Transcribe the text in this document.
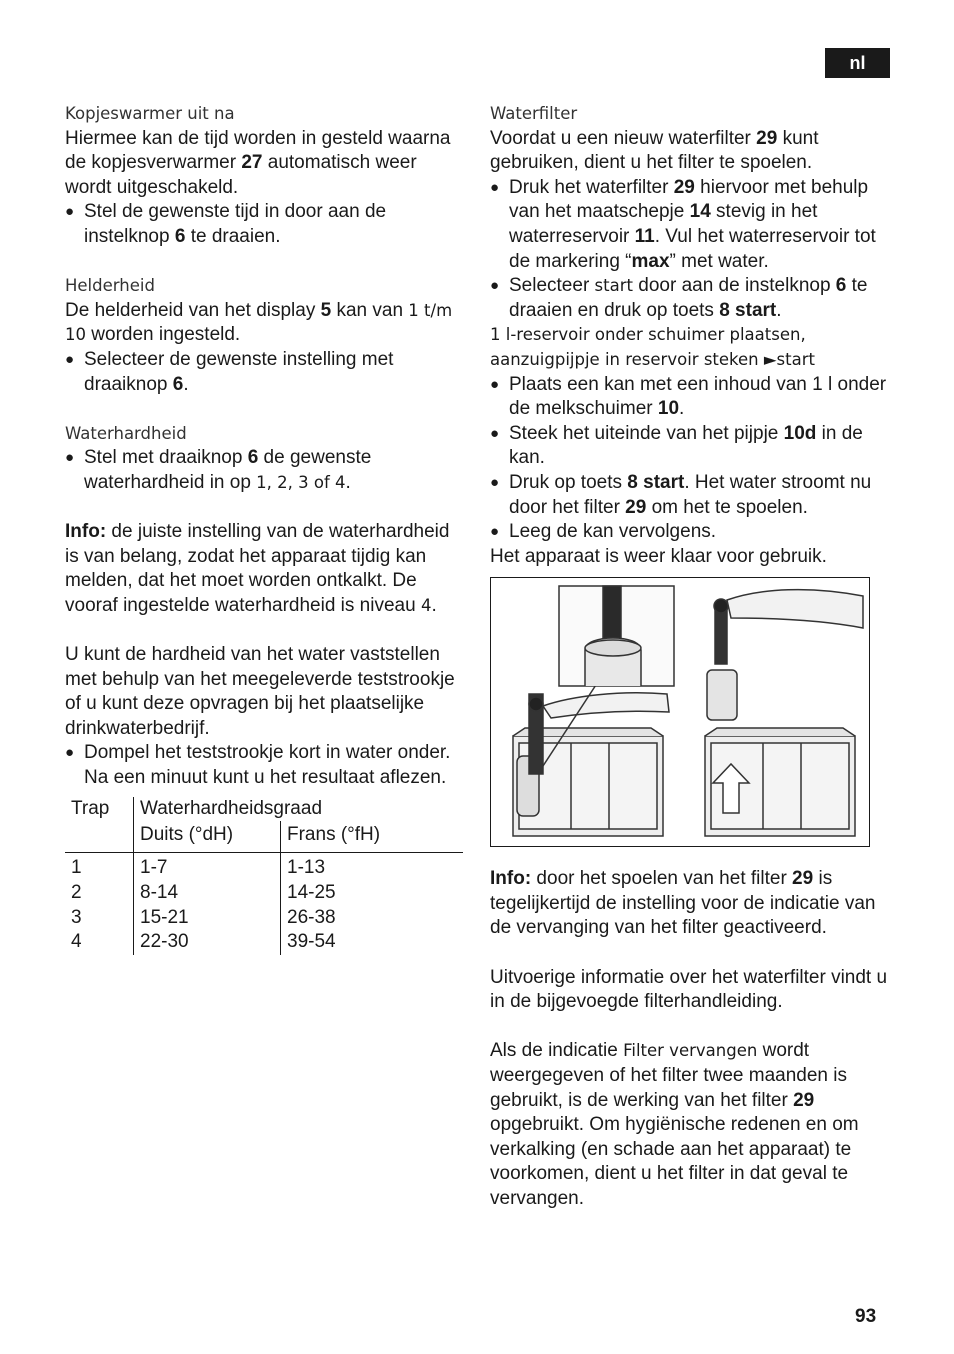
nl

Kopjeswarmer uit na

Hiermee kan de tijd worden in gesteld waarna de kopjesverwarmer 27 automatisch weer wordt uitgeschakeld.

● Stel de gewenste tijd in door aan de instelknop 6 te draaien.

Helderheid

De helderheid van het display 5 kan van 1 t/m 10 worden ingesteld.

● Selecteer de gewenste instelling met draaiknop 6.

Waterhardheid

● Stel met draaiknop 6 de gewenste waterhardheid in op 1, 2, 3 of 4.

Info: de juiste instelling van de waterhardheid is van belang, zodat het apparaat tijdig kan melden, dat het moet worden ontkalkt. De vooraf ingestelde waterhardheid is niveau 4.

U kunt de hardheid van het water vaststellen met behulp van het meegeleverde teststrookje of u kunt deze opvragen bij het plaatselijke drinkwaterbedrijf.

● Dompel het teststrookje kort in water onder. Na een minuut kunt u het resultaat aflezen.

Trap	Waterhardheidsgraad	
	Duits (°dH)	Frans (°fH)

1	1-7	1-13
2	8-14	14-25
3	15-21	26-38
4	22-30	39-54

Waterfilter

Voordat u een nieuw waterfilter 29 kunt gebruiken, dient u het filter te spoelen.

● Druk het waterfilter 29 hiervoor met behulp van het maatschepje 14 stevig in het waterreservoir 11. Vul het waterreservoir tot de markering “max” met water.

● Selecteer start door aan de instelknop 6 te draaien en druk op toets 8 start.

1 l-reservoir onder schuimer plaatsen,

aanzuigpijpje in reservoir steken ►start

● Plaats een kan met een inhoud van 1 l onder de melkschuimer 10.

● Steek het uiteinde van het pijpje 10d in de kan.

● Druk op toets 8 start. Het water stroomt nu door het filter 29 om het te spoelen.

● Leeg de kan vervolgens.

Het apparaat is weer klaar voor gebruik.

Info: door het spoelen van het filter 29 is tegelijkertijd de instelling voor de indicatie van de vervanging van het filter geactiveerd.

Uitvoerige informatie over het waterfilter vindt u in de bijgevoegde filterhandleiding.

Als de indicatie Filter vervangen wordt weergegeven of het filter twee maanden is gebruikt, is de werking van het filter 29 opgebruikt. Om hygiënische redenen en om verkalking (en schade aan het apparaat) te voorkomen, dient u het filter in dat geval te vervangen.

93
